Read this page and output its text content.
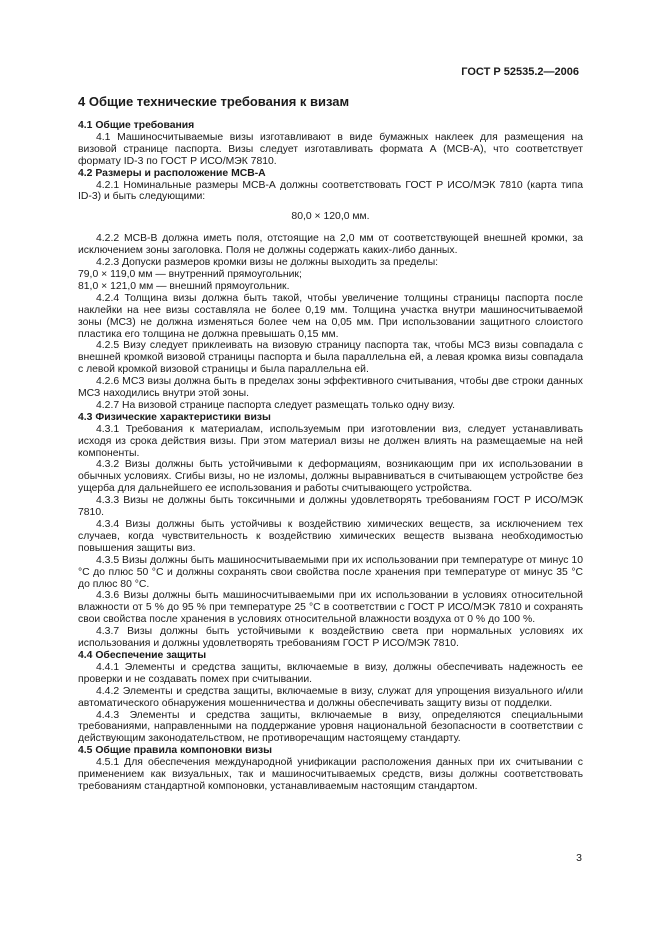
ГОСТ Р 52535.2—2006
4 Общие технические требования к визам

4.1 Общие требования

4.1 Машиносчитываемые визы изготавливают в виде бумажных наклеек для размещения на визовой странице паспорта. Визы следует изготавливать формата А (МСВ-А), что соответствует формату ID-3 по ГОСТ Р ИСО/МЭК 7810.

4.2 Размеры и расположение МСВ-А

4.2.1 Номинальные размеры МСВ-А должны соответствовать ГОСТ Р ИСО/МЭК 7810 (карта типа ID-3) и быть следующими:

80,0 × 120,0 мм.

4.2.2 МСВ-В должна иметь поля, отстоящие на 2,0 мм от соответствующей внешней кромки, за исключением зоны заголовка. Поля не должны содержать каких-либо данных.

4.2.3 Допуски размеров кромки визы не должны выходить за пределы:

79,0 × 119,0 мм — внутренний прямоугольник;

81,0 × 121,0 мм — внешний прямоугольник.

4.2.4 Толщина визы должна быть такой, чтобы увеличение толщины страницы паспорта после наклейки на нее визы составляла не более 0,19 мм. Толщина участка внутри машиносчитываемой зоны (МСЗ) не должна изменяться более чем на 0,05 мм. При использовании защитного слоистого пластика его толщина не должна превышать 0,15 мм.

4.2.5 Визу следует приклеивать на визовую страницу паспорта так, чтобы МСЗ визы совпадала с внешней кромкой визовой страницы паспорта и была параллельна ей, а левая кромка визы совпадала с левой кромкой визовой страницы и была параллельна ей.

4.2.6 МСЗ визы должна быть в пределах зоны эффективного считывания, чтобы две строки данных МСЗ находились внутри этой зоны.

4.2.7 На визовой странице паспорта следует размещать только одну визу.

4.3 Физические характеристики визы

4.3.1 Требования к материалам, используемым при изготовлении виз, следует устанавливать исходя из срока действия визы. При этом материал визы не должен влиять на размещаемые на ней компоненты.

4.3.2 Визы должны быть устойчивыми к деформациям, возникающим при их использовании в обычных условиях. Сгибы визы, но не изломы, должны выравниваться в считывающем устройстве без ущерба для дальнейшего ее использования и работы считывающего устройства.

4.3.3 Визы не должны быть токсичными и должны удовлетворять требованиям ГОСТ Р ИСО/МЭК 7810.

4.3.4 Визы должны быть устойчивы к воздействию химических веществ, за исключением тех случаев, когда чувствительность к воздействию химических веществ вызвана необходимостью повышения защиты виз.

4.3.5 Визы должны быть машиносчитываемыми при их использовании при температуре от минус 10 °С до плюс 50 °С и должны сохранять свои свойства после хранения при температуре от минус 35 °С до плюс 80 °С.

4.3.6 Визы должны быть машиносчитываемыми при их использовании в условиях относительной влажности от 5 % до 95 % при температуре 25 °С в соответствии с ГОСТ Р ИСО/МЭК 7810 и сохранять свои свойства после хранения в условиях относительной влажности воздуха от 0 % до 100 %.

4.3.7 Визы должны быть устойчивыми к воздействию света при нормальных условиях их использования и должны удовлетворять требованиям ГОСТ Р ИСО/МЭК 7810.

4.4 Обеспечение защиты

4.4.1 Элементы и средства защиты, включаемые в визу, должны обеспечивать надежность ее проверки и не создавать помех при считывании.

4.4.2 Элементы и средства защиты, включаемые в визу, служат для упрощения визуального и/или автоматического обнаружения мошенничества и должны обеспечивать защиту визы от подделки.

4.4.3 Элементы и средства защиты, включаемые в визу, определяются специальными требованиями, направленными на поддержание уровня национальной безопасности в соответствии с действующим законодательством, не противоречащим настоящему стандарту.

4.5 Общие правила компоновки визы

4.5.1 Для обеспечения международной унификации расположения данных при их считывании с применением как визуальных, так и машиносчитываемых средств, визы должны соответствовать требованиям стандартной компоновки, устанавливаемым настоящим стандартом.

3
